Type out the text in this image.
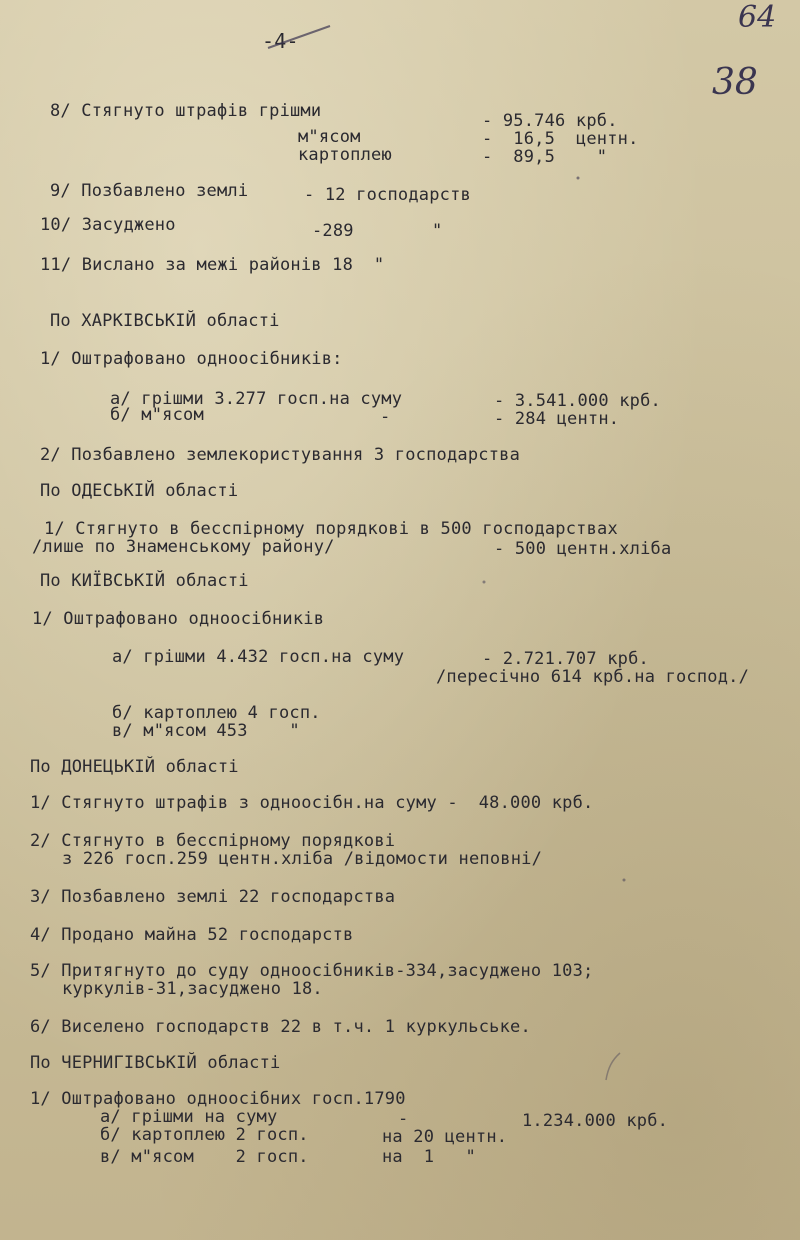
-4-
64
38
8/ Стягнуто штрафів грішми	- 95.746 крб.
м"ясом	-  16,5  центн.
картоплею	-  89,5    "
9/ Позбавлено землі	- 12 господарств
10/ Засуджено	-289	"
11/ Вислано за межі районів 18  "
По ХАРКІВСЬКІЙ області
1/ Оштрафовано одноосібників:
а/ грішми 3.277 госп.на суму	- 3.541.000 крб.
б/ м"ясом	-	- 284 центн.
2/ Позбавлено землекористування 3 господарства
По ОДЕСЬКІЙ області
1/ Стягнуто в бесспірному порядкові в 500 господарствах
/лише по Знаменському району/	- 500 центн.хліба
По КИЇВСЬКІЙ області
1/ Оштрафовано одноосібників
а/ грішми 4.432 госп.на суму	- 2.721.707 крб.
/пересічно 614 крб.на господ./
б/ картоплею 4 госп.
в/ м"ясом 453    "
По ДОНЕЦЬКІЙ області
1/ Стягнуто штрафів з одноосібн.на суму -  48.000 крб.
2/ Стягнуто в бесспірному порядкові
з 226 госп.259 центн.хліба /відомости неповні/
3/ Позбавлено землі 22 господарства
4/ Продано майна 52 господарств
5/ Притягнуто до суду одноосібників-334,засуджено 103;
куркулів-31,засуджено 18.
6/ Виселено господарств 22 в т.ч. 1 куркульське.
По ЧЕРНИГІВСЬКІЙ області
1/ Оштрафовано одноосібних госп.1790
а/ грішми на суму	-	1.234.000 крб.
б/ картоплею 2 госп.	на 20 центн.
в/ м"ясом    2 госп.	на  1   "
